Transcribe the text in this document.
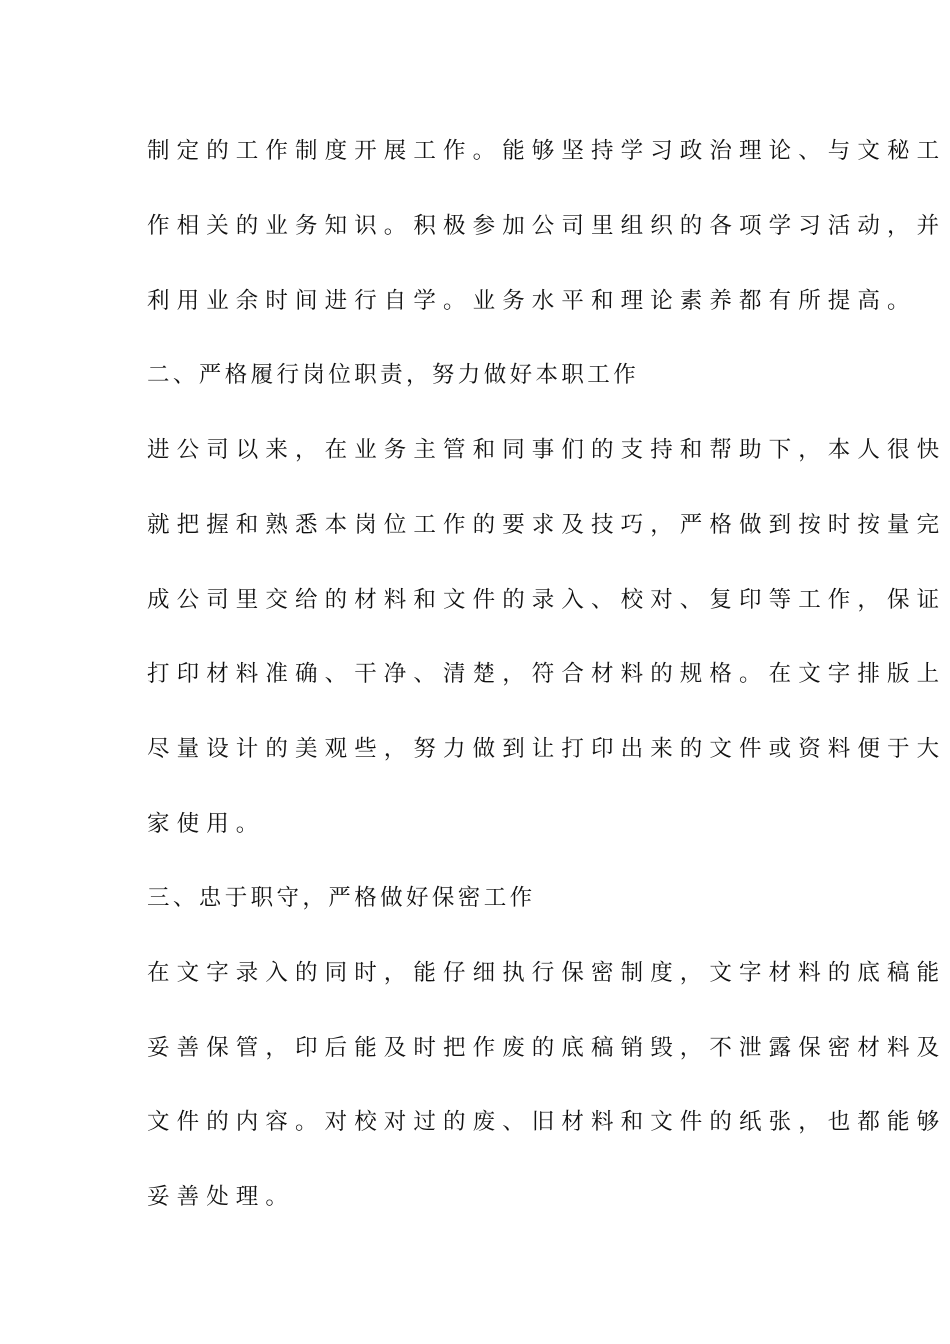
制定的工作制度开展工作。能够坚持学习政治理论、与文秘工
作相关的业务知识。积极参加公司里组织的各项学习活动，并
利用业余时间进行自学。业务水平和理论素养都有所提高。
二、严格履行岗位职责，努力做好本职工作
进公司以来，在业务主管和同事们的支持和帮助下，本人很快
就把握和熟悉本岗位工作的要求及技巧，严格做到按时按量完
成公司里交给的材料和文件的录入、校对、复印等工作，保证
打印材料准确、干净、清楚，符合材料的规格。在文字排版上
尽量设计的美观些，努力做到让打印出来的文件或资料便于大
家使用。
三、忠于职守，严格做好保密工作
在文字录入的同时，能仔细执行保密制度，文字材料的底稿能
妥善保管，印后能及时把作废的底稿销毁，不泄露保密材料及
文件的内容。对校对过的废、旧材料和文件的纸张，也都能够
妥善处理。
